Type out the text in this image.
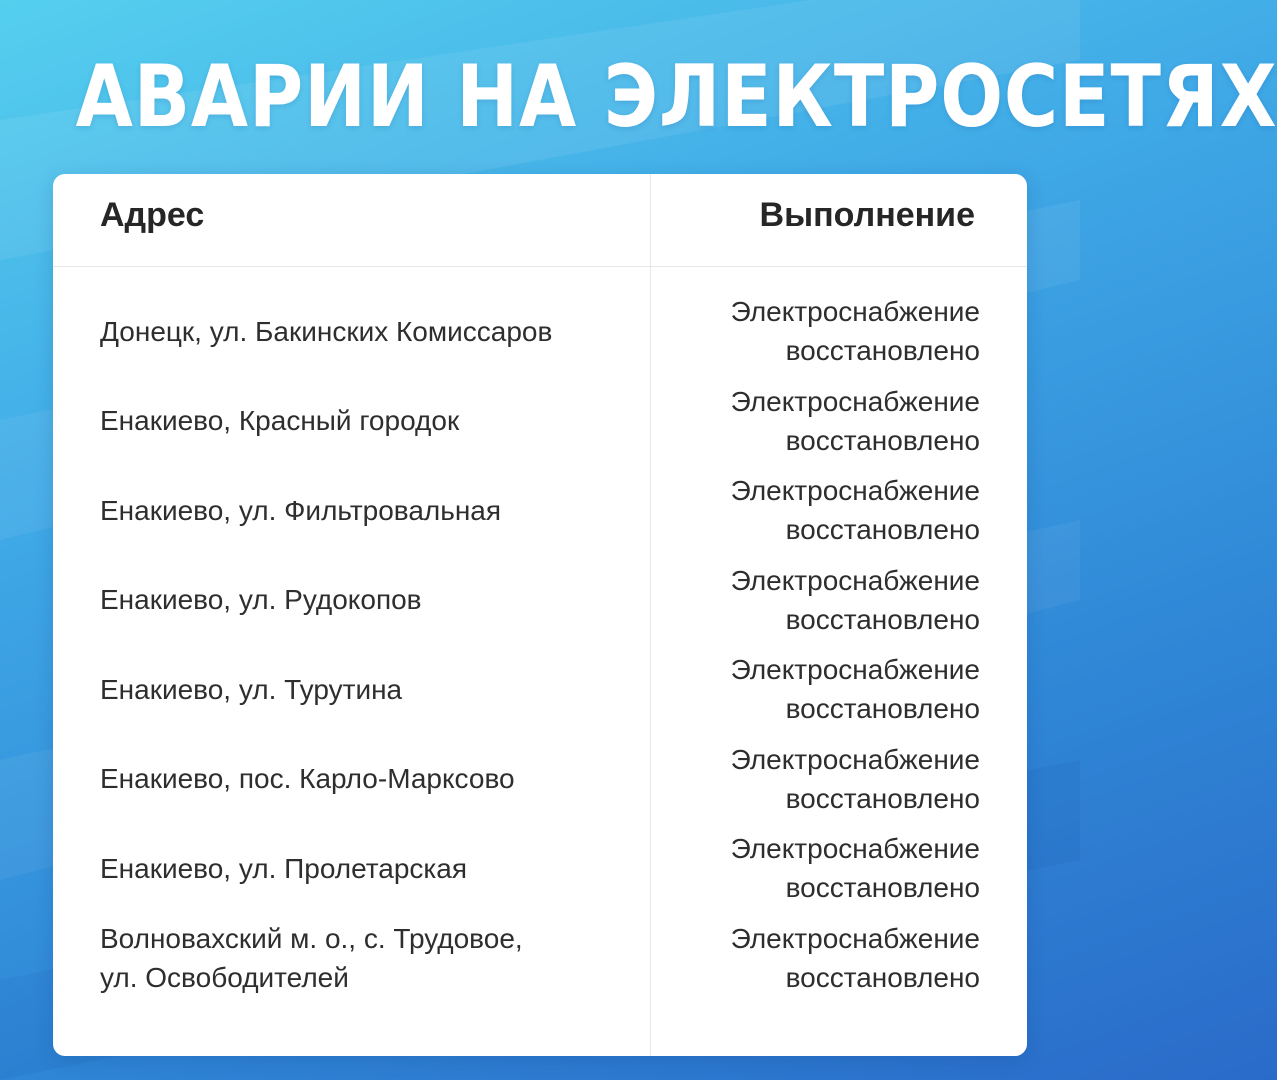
АВАРИИ НА ЭЛЕКТРОСЕТЯХ
Адрес	Выполнение
Донецк, ул. Бакинских Комиссаров
Электроснабжение
восстановлено
Енакиево, Красный городок
Электроснабжение
восстановлено
Енакиево, ул. Фильтровальная
Электроснабжение
восстановлено
Енакиево, ул. Рудокопов
Электроснабжение
восстановлено
Енакиево, ул. Турутина
Электроснабжение
восстановлено
Енакиево, пос. Карло-Марксово
Электроснабжение
восстановлено
Енакиево, ул. Пролетарская
Электроснабжение
восстановлено
Волновахский м. о., с. Трудовое,
ул. Освободителей
Электроснабжение
восстановлено
